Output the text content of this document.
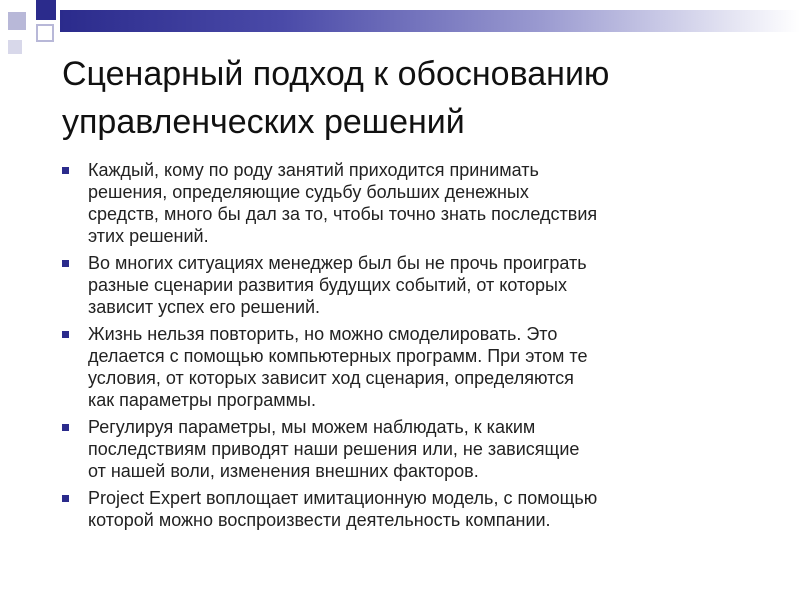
Сценарный подход к обоснованию
управленческих решений
Каждый, кому по роду занятий приходится принимать
решения, определяющие судьбу больших денежных
средств, много бы дал за то, чтобы точно знать последствия
этих решений.
Во многих ситуациях менеджер был бы не прочь проиграть
разные сценарии развития будущих событий, от которых
зависит успех его решений.
Жизнь нельзя повторить, но можно смоделировать. Это
делается с помощью компьютерных программ. При этом те
условия, от которых зависит ход сценария, определяются
как параметры программы.
Регулируя параметры, мы можем наблюдать, к каким
последствиям приводят наши решения или, не зависящие
от нашей воли, изменения внешних факторов.
Project Expert воплощает имитационную модель, с помощью
которой можно воспроизвести деятельность компании.
